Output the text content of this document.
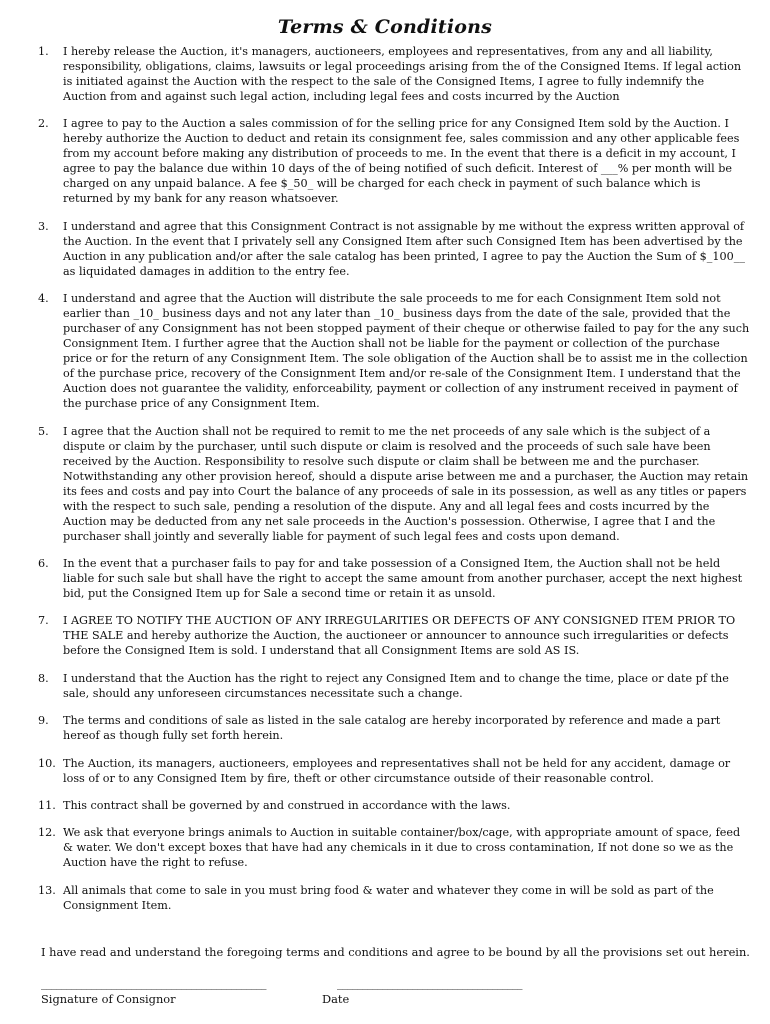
Terms & Conditions
1.	I hereby release the Auction, it's managers, auctioneers, employees and representatives, from any and all liability, responsibility, obligations, claims, lawsuits or legal proceedings arising from the of the Consigned Items. If legal action is initiated against the Auction with the respect to the sale of the Consigned Items, I agree to fully indemnify the Auction from and against such legal action, including legal fees and costs incurred by the Auction
2.	I agree to pay to the Auction a sales commission of for the selling price for any Consigned Item sold by the Auction. I hereby authorize the Auction to deduct and retain its consignment fee, sales commission and any other applicable fees from my account before making any distribution of proceeds to me. In the event that there is a deficit in my account, I agree to pay the balance due within 10 days of the of being notified of such deficit. Interest of ___% per month will be charged on any unpaid balance. A fee $_50_ will be charged for each check in payment of such balance which is returned by my bank for any reason whatsoever.
3.	I understand and agree that this Consignment Contract is not assignable by me without the express written approval of the Auction. In the event that I privately sell any Consigned Item after such Consigned Item has been advertised by the Auction in any publication and/or after the sale catalog has been printed, I agree to pay the Auction the Sum of $_100__ as liquidated damages in addition to the entry fee.
4.	I understand and agree that the Auction will distribute the sale proceeds to me for each Consignment Item sold not earlier than _10_ business days and not any later than _10_ business days from the date of the sale, provided that the purchaser of any Consignment has not been stopped payment of their cheque or otherwise failed to pay for the any such Consignment Item. I further agree that the Auction shall not be liable for the payment or collection of the purchase price or for the return of any Consignment Item. The sole obligation of the Auction shall be to assist me in the collection of the purchase price, recovery of the Consignment Item and/or re-sale of the Consignment Item. I understand that the Auction does not guarantee the validity, enforceability, payment or collection of any instrument received in payment of the purchase price of any Consignment Item.
5.	I agree that the Auction shall not be required to remit to me the net proceeds of any sale which is the subject of a dispute or claim by the purchaser, until such dispute or claim is resolved and the proceeds of such sale have been received by the Auction. Responsibility to resolve such dispute or claim shall be between me and the purchaser. Notwithstanding any other provision hereof, should a dispute arise between me and a purchaser, the Auction may retain its fees and costs and pay into Court the balance of any proceeds of sale in its possession, as well as any titles or papers with the respect to such sale, pending a resolution of the dispute. Any and all legal fees and costs incurred by the Auction may be deducted from any net sale proceeds in the Auction's possession. Otherwise, I agree that I and the purchaser shall jointly and severally liable for payment of such legal fees and costs upon demand.
6.	In the event that a purchaser fails to pay for and take possession of a Consigned Item, the Auction shall not be held liable for such sale but shall have the right to accept the same amount from another purchaser, accept the next highest bid, put the Consigned Item up for Sale a second time or retain it as unsold.
7.	I AGREE TO NOTIFY THE AUCTION OF ANY IRREGULARITIES OR DEFECTS OF ANY CONSIGNED ITEM PRIOR TO THE SALE and hereby authorize the Auction, the auctioneer or announcer to announce such irregularities or defects before the Consigned Item is sold. I understand that all Consignment Items are sold AS IS.
8.	I understand that the Auction has the right to reject any Consigned Item and to change the time, place or date pf the sale, should any unforeseen circumstances necessitate such a change.
9.	The terms and conditions of sale as listed in the sale catalog are hereby incorporated by reference and made a part hereof as though fully set forth herein.
10. The Auction, its managers, auctioneers, employees and representatives shall not be held for any accident, damage or loss of or to any Consigned Item by fire, theft or other circumstance outside of their reasonable control.
11. This contract shall be governed by and construed in accordance with the laws.
12. We ask that everyone brings animals to Auction in suitable container/box/cage, with appropriate amount of space, feed & water. We don't except boxes that have had any chemicals in it due to cross contamination, If not done so we as the Auction have the right to refuse.
13. All animals that come to sale in you must bring food & water and whatever they come in will be sold as part of the Consignment Item.
I have read and understand the foregoing terms and conditions and agree to be bound by all the provisions set out herein.
_____________________________________________	_____________________________________
Signature of Consignor	Date
